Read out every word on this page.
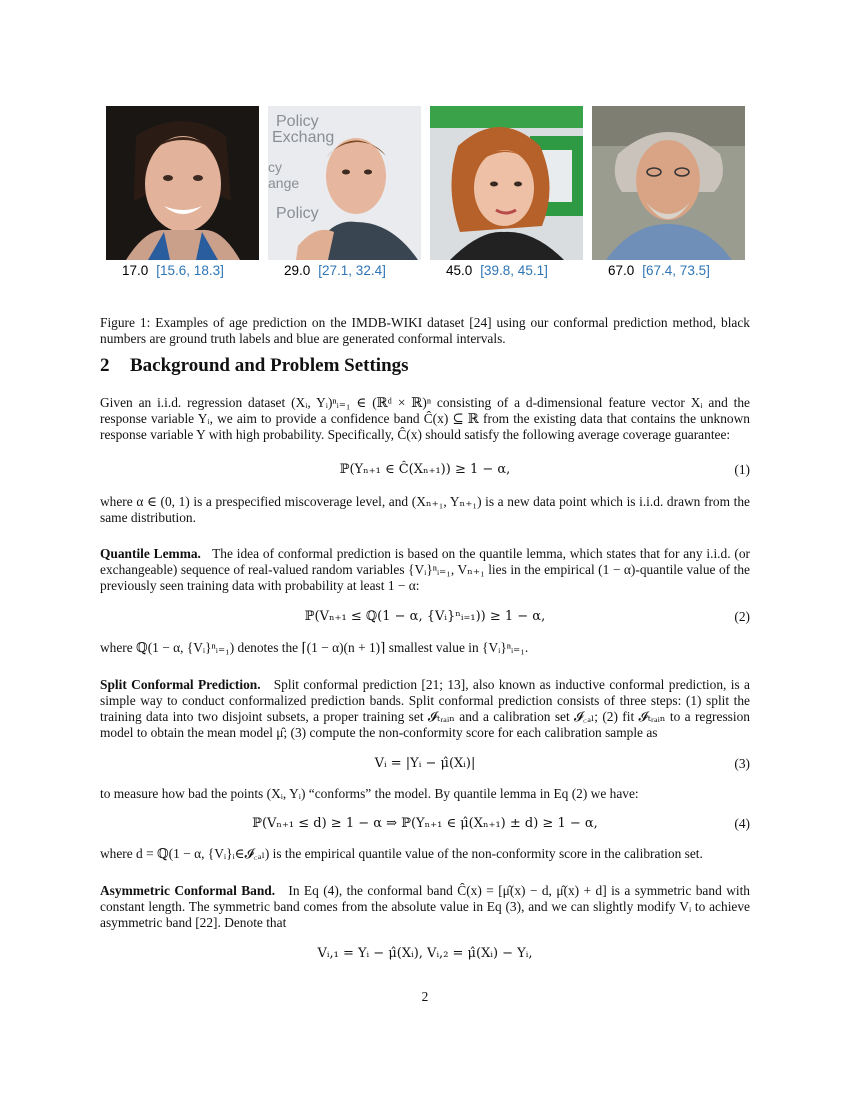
Policy
Exchang
cy
ange
Policy
17.0 [15.6, 18.3]	29.0 [27.1, 32.4]	45.0 [39.8, 45.1]	67.0 [67.4, 73.5]

Figure 1: Examples of age prediction on the IMDB-WIKI dataset [24] using our conformal prediction method, black numbers are ground truth labels and blue are generated conformal intervals.

2 Background and Problem Settings

Given an i.i.d. regression dataset (Xᵢ, Yᵢ)ⁿᵢ₌₁ ∈ (ℝᵈ × ℝ)ⁿ consisting of a d-dimensional feature vector Xᵢ and the response variable Yᵢ, we aim to provide a confidence band Ĉ(x) ⊆ ℝ from the existing data that contains the unknown response variable Y with high probability. Specifically, Ĉ(x) should satisfy the following average coverage guarantee:

ℙ(Yₙ₊₁ ∈ Ĉ(Xₙ₊₁)) ≥ 1 − α,	(1)

where α ∈ (0, 1) is a prespecified miscoverage level, and (Xₙ₊₁, Yₙ₊₁) is a new data point which is i.i.d. drawn from the same distribution.

Quantile Lemma. The idea of conformal prediction is based on the quantile lemma, which states that for any i.i.d. (or exchangeable) sequence of real-valued random variables {Vᵢ}ⁿᵢ₌₁, Vₙ₊₁ lies in the empirical (1 − α)-quantile value of the previously seen training data with probability at least 1 − α:

ℙ(Vₙ₊₁ ≤ ℚ(1 − α, {Vᵢ}ⁿᵢ₌₁)) ≥ 1 − α,	(2)

where ℚ(1 − α, {Vᵢ}ⁿᵢ₌₁) denotes the ⌈(1 − α)(n + 1)⌉ smallest value in {Vᵢ}ⁿᵢ₌₁.

Split Conformal Prediction. Split conformal prediction [21; 13], also known as inductive conformal prediction, is a simple way to conduct conformalized prediction bands. Split conformal prediction consists of three steps: (1) split the training data into two disjoint subsets, a proper training set 𝓘ₜᵣₐᵢₙ and a calibration set 𝓘꜀ₐₗ; (2) fit 𝓘ₜᵣₐᵢₙ to a regression model to obtain the mean model μ̂; (3) compute the non-conformity score for each calibration sample as

Vᵢ = |Yᵢ − μ̂(Xᵢ)|	(3)

to measure how bad the points (Xᵢ, Yᵢ) “conforms” the model. By quantile lemma in Eq (2) we have:

ℙ(Vₙ₊₁ ≤ d) ≥ 1 − α ⇒ ℙ(Yₙ₊₁ ∈ μ̂(Xₙ₊₁) ± d) ≥ 1 − α,	(4)

where d = ℚ(1 − α, {Vᵢ}ᵢ∈𝓘꜀ₐₗ) is the empirical quantile value of the non-conformity score in the calibration set.

Asymmetric Conformal Band. In Eq (4), the conformal band Ĉ(x) = [μ̂(x) − d, μ̂(x) + d] is a symmetric band with constant length. The symmetric band comes from the absolute value in Eq (3), and we can slightly modify Vᵢ to achieve asymmetric band [22]. Denote that

Vᵢ,₁ = Yᵢ − μ̂(Xᵢ), Vᵢ,₂ = μ̂(Xᵢ) − Yᵢ,
2
